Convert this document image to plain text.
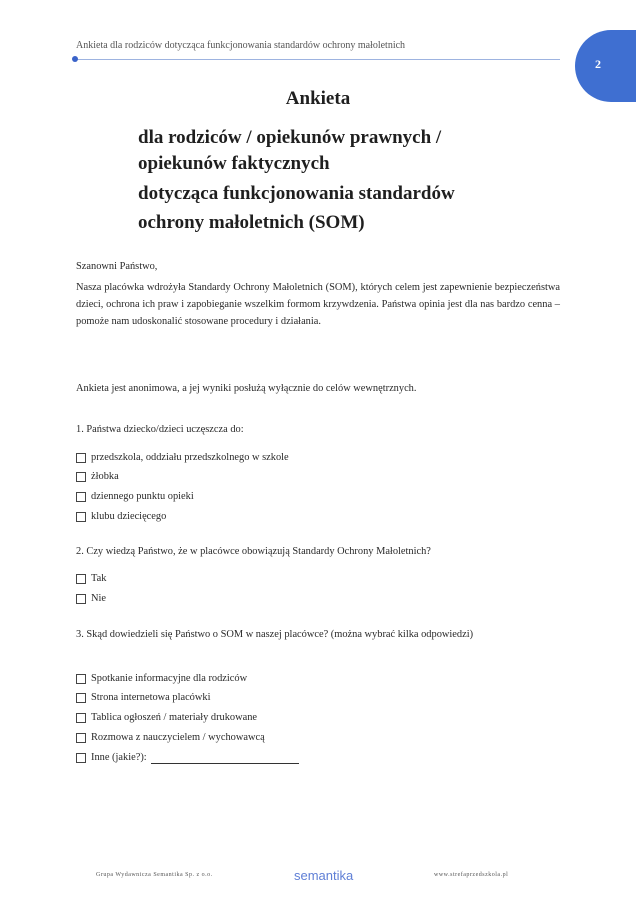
Ankieta dla rodziców dotycząca funkcjonowania standardów ochrony małoletnich
2
Ankieta
dla rodziców / opiekunów prawnych /
opiekunów faktycznych
dotycząca funkcjonowania standardów
ochrony małoletnich (SOM)
Szanowni Państwo,
Nasza placówka wdrożyła Standardy Ochrony Małoletnich (SOM), których celem jest zapewnienie bezpieczeństwa dzieci, ochrona ich praw i zapobieganie wszelkim formom krzywdzenia. Państwa opinia jest dla nas bardzo cenna – pomoże nam udoskonalić stosowane procedury i działania.
Ankieta jest anonimowa, a jej wyniki posłużą wyłącznie do celów wewnętrznych.
1. Państwa dziecko/dzieci uczęszcza do:
przedszkola, oddziału przedszkolnego w szkole
żłobka
dziennego punktu opieki
klubu dziecięcego
2. Czy wiedzą Państwo, że w placówce obowiązują Standardy Ochrony Małoletnich?
Tak
Nie
3. Skąd dowiedzieli się Państwo o SOM w naszej placówce? (można wybrać kilka odpowiedzi)
Spotkanie informacyjne dla rodziców
Strona internetowa placówki
Tablica ogłoszeń / materiały drukowane
Rozmowa z nauczycielem / wychowawcą
Inne (jakie?):
Grupa Wydawnicza Semantika Sp. z o.o.	semantika	www.strefaprzedszkola.pl
